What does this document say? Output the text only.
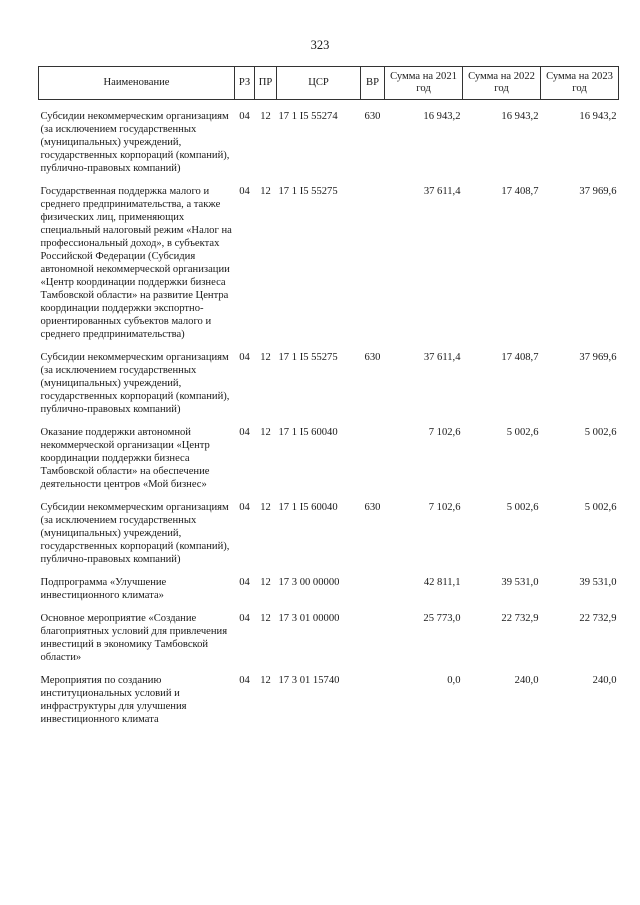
323
Наименование	РЗ	ПР	ЦСР	ВР	Сумма на 2021 год	Сумма на 2022 год	Сумма на 2023 год

Субсидии некоммерческим организациям (за исключением государственных (муниципальных) учреждений, государственных корпораций (компаний), публично-правовых компаний)	04	12	17 1 I5 55274	630	16 943,2	16 943,2	16 943,2

Государственная поддержка малого и среднего предпринимательства, а также физических лиц, применяющих специальный налоговый режим «Налог на профессиональный доход», в субъектах Российской Федерации (Субсидия автономной некоммерческой организации «Центр координации поддержки бизнеса Тамбовской области» на развитие Центра координации поддержки экспортно-ориентированных субъектов малого и среднего предпринимательства)	04	12	17 1 I5 55275		37 611,4	17 408,7	37 969,6

Субсидии некоммерческим организациям (за исключением государственных (муниципальных) учреждений, государственных корпораций (компаний), публично-правовых компаний)	04	12	17 1 I5 55275	630	37 611,4	17 408,7	37 969,6

Оказание поддержки автономной некоммерческой организации «Центр координации поддержки бизнеса Тамбовской области» на обеспечение деятельности центров «Мой бизнес»	04	12	17 1 I5 60040		7 102,6	5 002,6	5 002,6

Субсидии некоммерческим организациям (за исключением государственных (муниципальных) учреждений, государственных корпораций (компаний), публично-правовых компаний)	04	12	17 1 I5 60040	630	7 102,6	5 002,6	5 002,6

Подпрограмма «Улучшение инвестиционного климата»	04	12	17 3 00 00000		42 811,1	39 531,0	39 531,0

Основное мероприятие «Создание благоприятных условий для привлечения инвестиций в экономику Тамбовской области»	04	12	17 3 01 00000		25 773,0	22 732,9	22 732,9

Мероприятия по созданию институциональных условий и инфраструктуры для улучшения инвестиционного климата	04	12	17 3 01 15740		0,0	240,0	240,0
